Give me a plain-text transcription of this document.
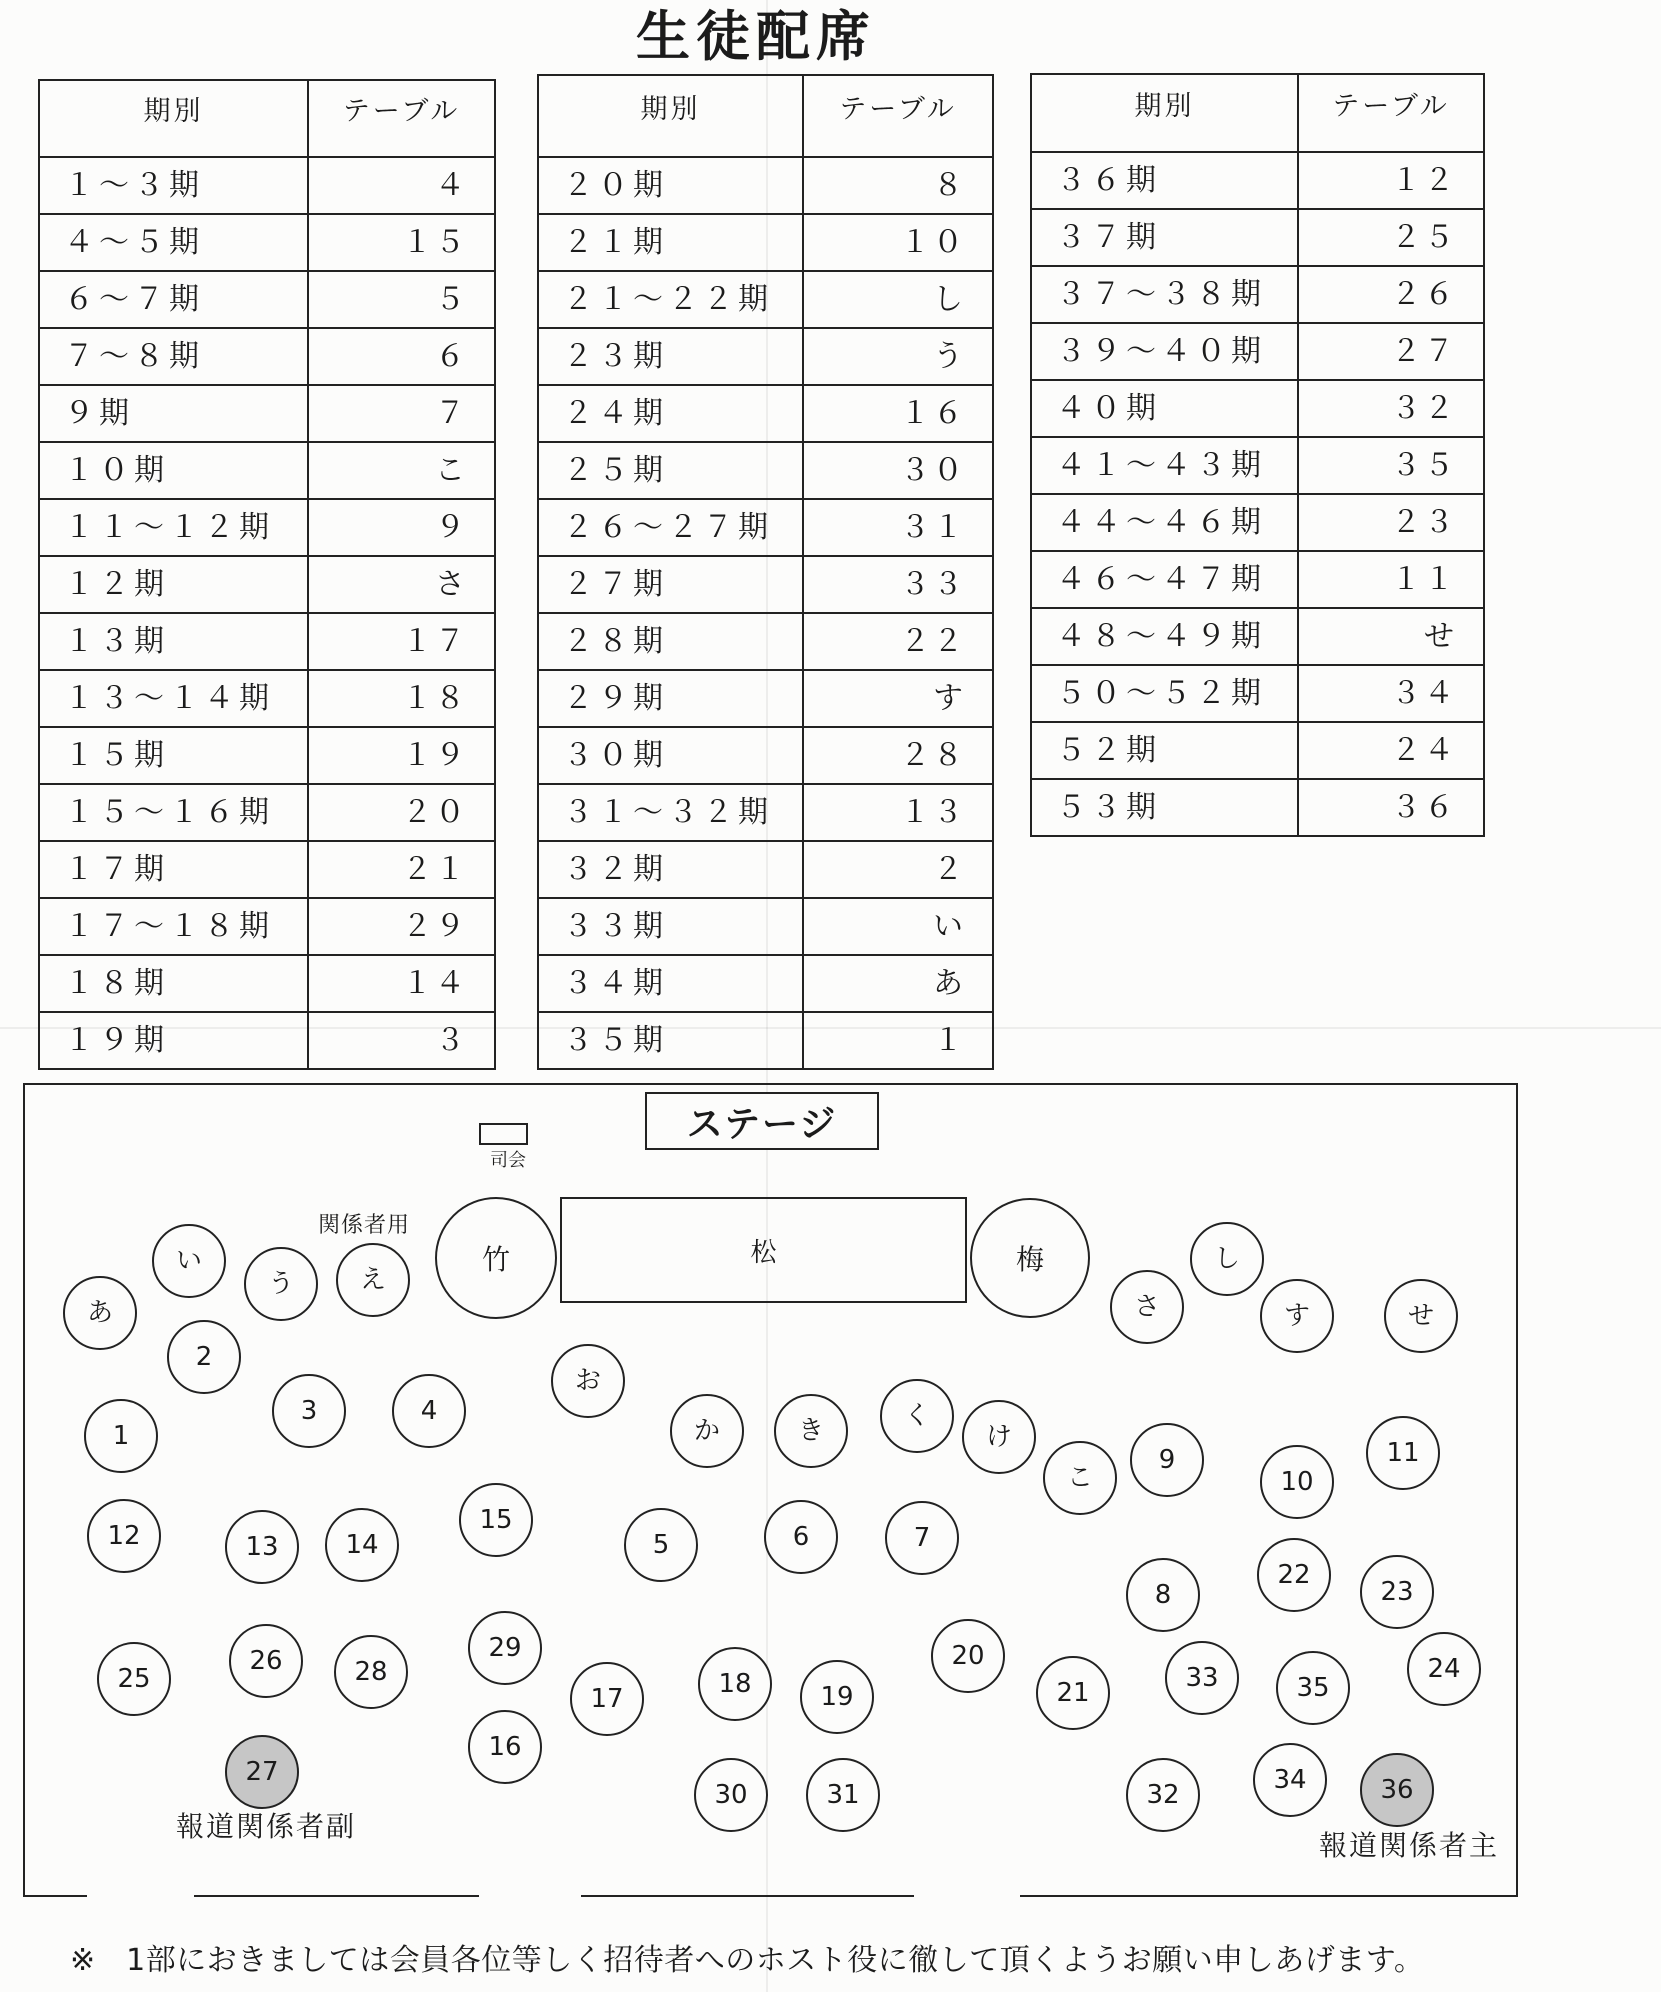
生徒配席
期別	テーブル
１～３期	４
４～５期	１５
６～７期	５
７～８期	６
９期	７
１０期	こ
１１～１２期	９
１２期	さ
１３期	１７
１３～１４期	１８
１５期	１９
１５～１６期	２０
１７期	２１
１７～１８期	２９
１８期	１４
１９期	３
期別	テーブル
２０期	８
２１期	１０
２１～２２期	し
２３期	う
２４期	１６
２５期	３０
２６～２７期	３１
２７期	３３
２８期	２２
２９期	す
３０期	２８
３１～３２期	１３
３２期	２
３３期	い
３４期	あ
３５期	１
期別	テーブル
３６期	１２
３７期	２５
３７～３８期	２６
３９～４０期	２７
４０期	３２
４１～４３期	３５
４４～４６期	２３
４６～４７期	１１
４８～４９期	せ
５０～５２期	３４
５２期	２４
５３期	３６
ステージ
司会
関係者用
竹	松	梅
あ
い
う	え
さ
し
す	せ
2
1
3	4
お
か	き	く
け
こ
9
10
11
12	13	14
15
5	6	7
8
22
23
25
26	28
29
17	18	19
20
21	33	35
24
16
27
30	31	32	34	36
報道関係者副
報道関係者主
※　1部におきましては会員各位等しく招待者へのホスト役に徹して頂くようお願い申しあげます。
